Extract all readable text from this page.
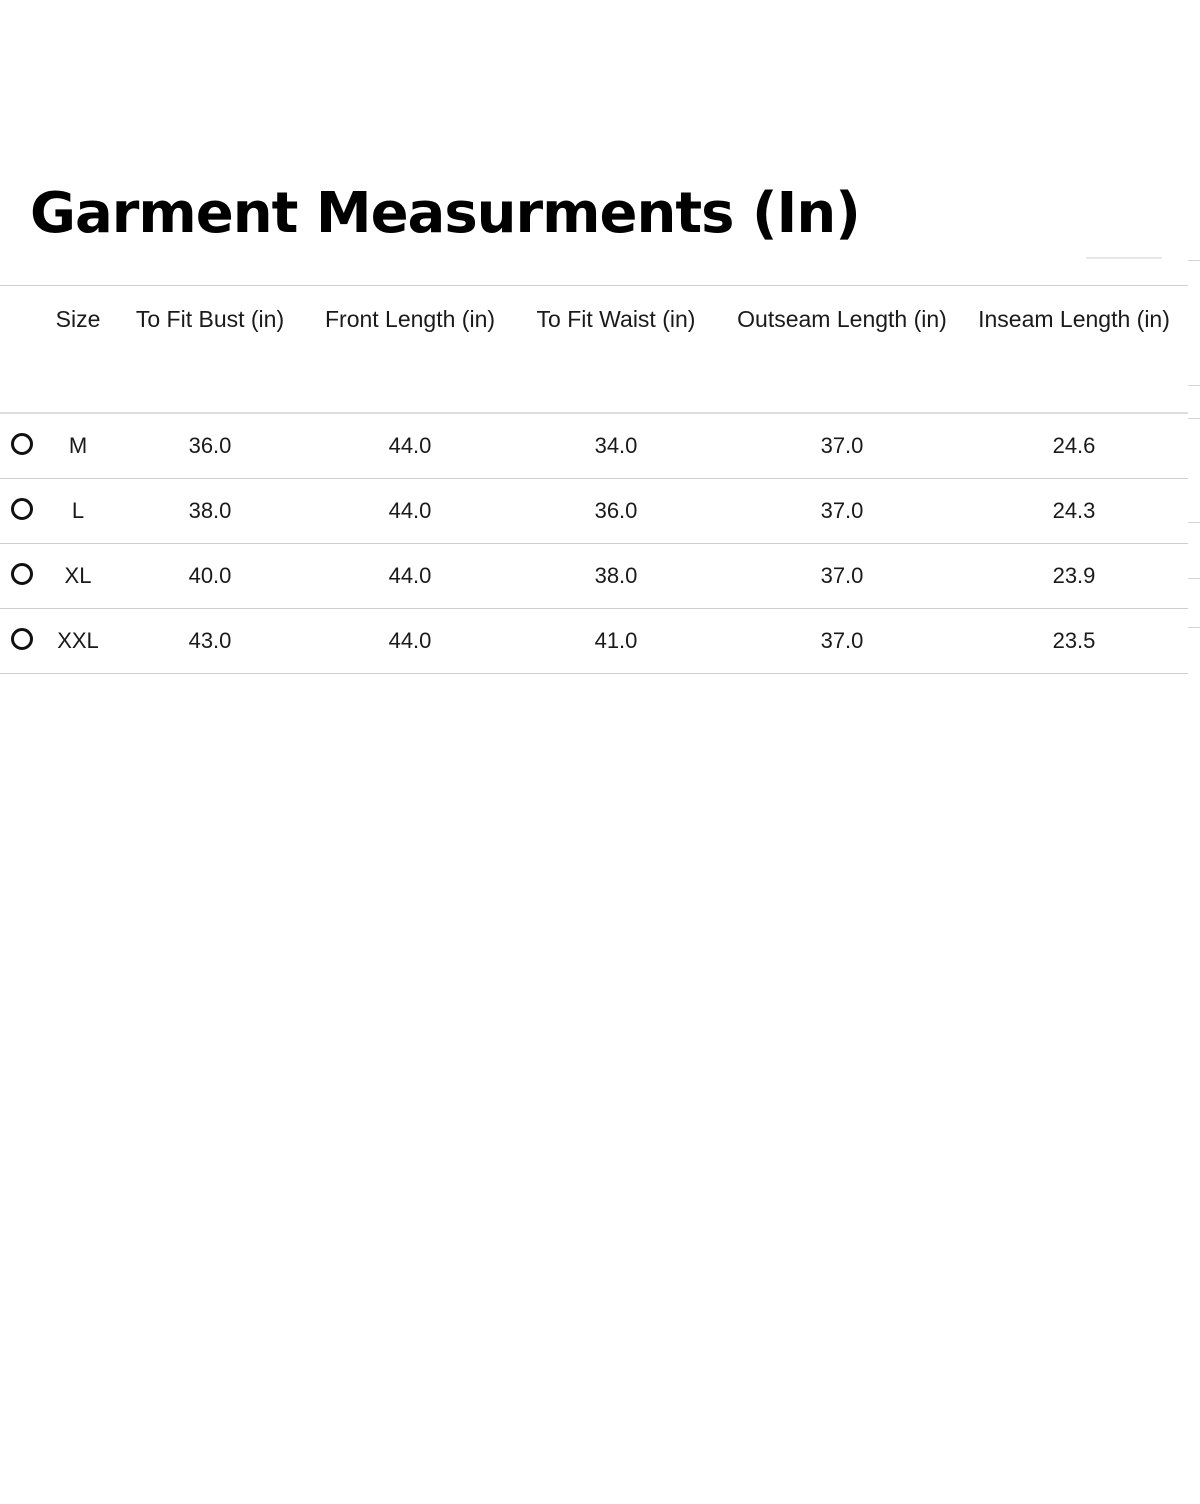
Garment Measurments (In)
	Size	To Fit Bust (in)	Front Length (in)	To Fit Waist (in)	Outseam Length (in)	Inseam Length (in)
	M	36.0	44.0	34.0	37.0	24.6
	L	38.0	44.0	36.0	37.0	24.3
	XL	40.0	44.0	38.0	37.0	23.9
	XXL	43.0	44.0	41.0	37.0	23.5
